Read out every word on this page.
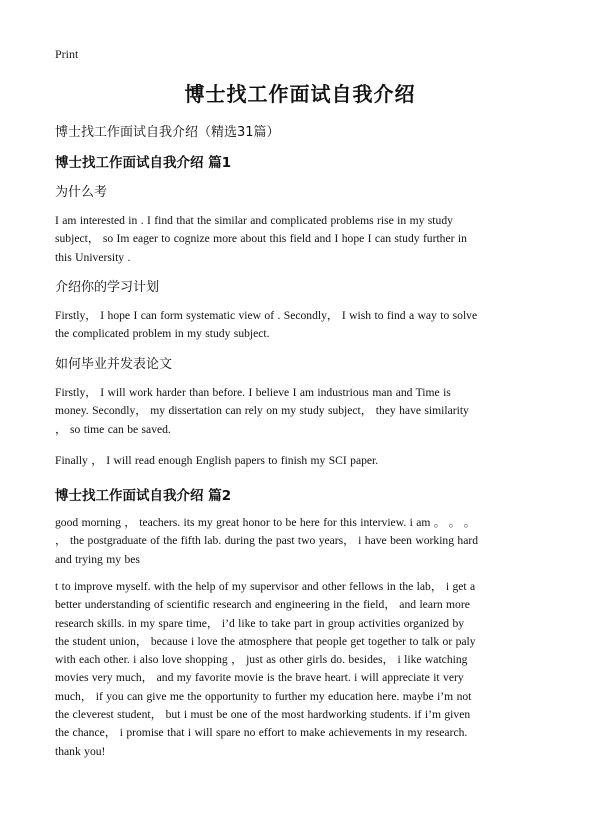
Print
博士找工作面试自我介绍
博士找工作面试自我介绍（精选31篇）
博士找工作面试自我介绍 篇1
为什么考
I am interested in . I find that the similar and complicated problems rise in my study
subject， so Im eager to cognize more about this field and I hope I can study further in
this University .
介绍你的学习计划
Firstly， I hope I can form systematic view of . Secondly， I wish to find a way to solve
the complicated problem in my study subject.
如何毕业并发表论文
Firstly， I will work harder than before. I believe I am industrious man and Time is
money. Secondly， my dissertation can rely on my study subject， they have similarity
， so time can be saved.
Finally ， I will read enough English papers to finish my SCI paper.
博士找工作面试自我介绍 篇2
good morning ， teachers. its my great honor to be here for this interview. i am 。 。 。
， the postgraduate of the fifth lab. during the past two years， i have been working hard
and trying my bes
t to improve myself. with the help of my supervisor and other fellows in the lab， i get a
better understanding of scientific research and engineering in the field， and learn more
research skills. in my spare time， i’d like to take part in group activities organized by
the student union， because i love the atmosphere that people get together to talk or paly
with each other. i also love shopping ， just as other girls do. besides， i like watching
movies very much， and my favorite movie is the brave heart. i will appreciate it very
much， if you can give me the opportunity to further my education here. maybe i’m not
the cleverest student， but i must be one of the most hardworking students. if i’m given
the chance， i promise that i will spare no effort to make achievements in my research.
thank you!
